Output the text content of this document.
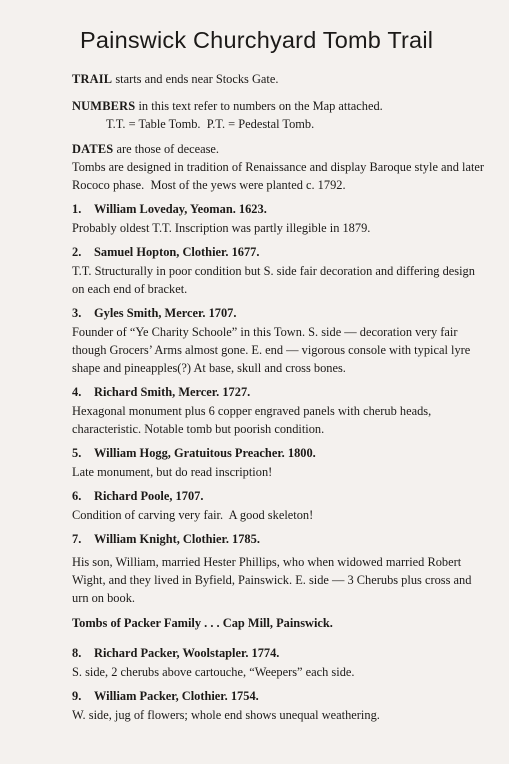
Painswick Churchyard Tomb Trail

TRAIL starts and ends near Stocks Gate.

NUMBERS in this text refer to numbers on the Map attached.

T.T. = Table Tomb.  P.T. = Pedestal Tomb.

DATES are those of decease.

Tombs are designed in tradition of Renaissance and display Baroque style and later Rococo phase.  Most of the yews were planted c. 1792.

1. William Loveday, Yeoman. 1623.

Probably oldest T.T. Inscription was partly illegible in 1879.

2. Samuel Hopton, Clothier. 1677.

T.T. Structurally in poor condition but S. side fair decoration and differing design on each end of bracket.

3. Gyles Smith, Mercer. 1707.

Founder of “Ye Charity Schoole” in this Town. S. side — decoration very fair though Grocers’ Arms almost gone. E. end — vigorous console with typical lyre shape and pineapples(?) At base, skull and cross bones.

4. Richard Smith, Mercer. 1727.

Hexagonal monument plus 6 copper engraved panels with cherub heads, characteristic. Notable tomb but poorish condition.

5. William Hogg, Gratuitous Preacher. 1800.

Late monument, but do read inscription!

6. Richard Poole, 1707.

Condition of carving very fair.  A good skeleton!

7. William Knight, Clothier. 1785.

His son, William, married Hester Phillips, who when widowed married Robert Wight, and they lived in Byfield, Painswick. E. side — 3 Cherubs plus cross and urn on book.

Tombs of Packer Family . . . Cap Mill, Painswick.

8. Richard Packer, Woolstapler. 1774.

S. side, 2 cherubs above cartouche, “Weepers” each side.

9. William Packer, Clothier. 1754.

W. side, jug of flowers; whole end shows unequal weathering.
